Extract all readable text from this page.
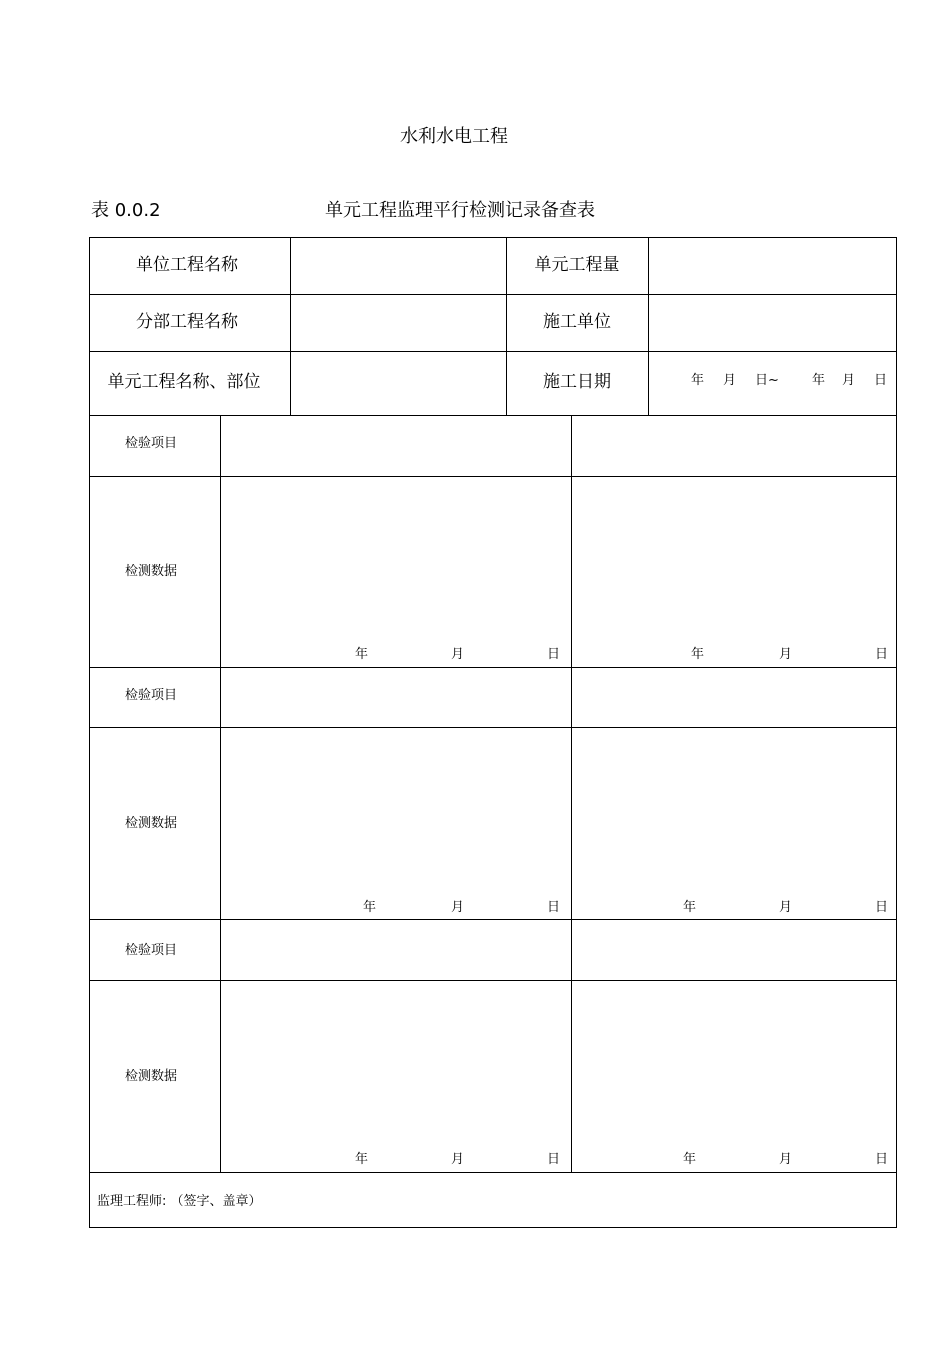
水利水电工程
表 0.0.2	单元工程监理平行检测记录备查表
单位工程名称	单元工程量
分部工程名称	施工单位
单元工程名称、部位	施工日期	年 月 日~	年 月 日
检验项目
检测数据
年	月	日	年	月	日
检验项目
检测数据
年	月	日	年	月	日
检验项目
检测数据
年	月	日	年	月	日
监理工程师: （签字、盖章）
